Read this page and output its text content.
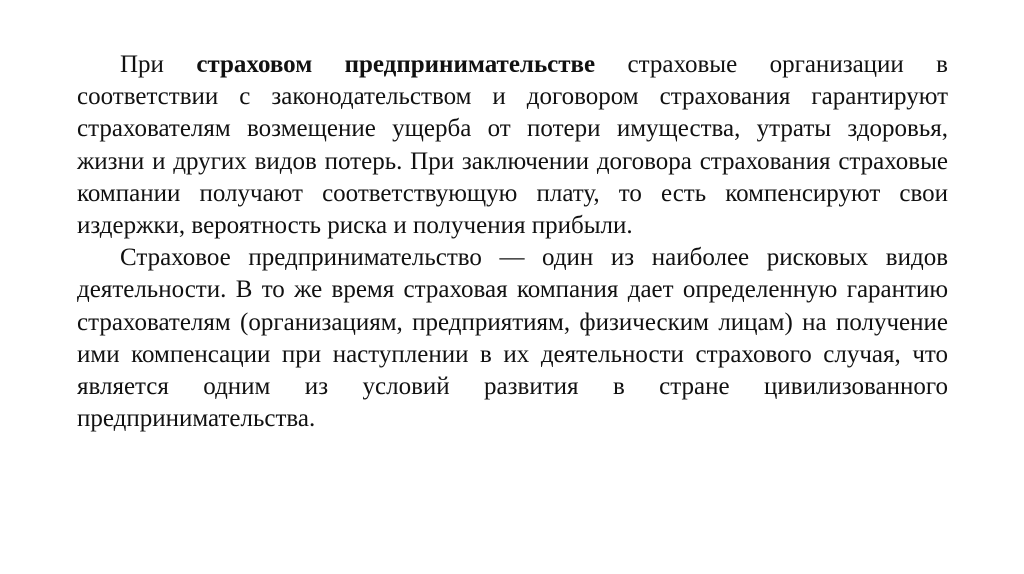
При страховом предпринимательстве страховые организации в соответствии с законодательством и договором страхования гарантируют страхователям возмещение ущерба от потери имущества, утраты здоровья, жизни и других видов потерь. При заключении договора страхования страховые компании получают соответствующую плату, то есть компенсируют свои издержки, вероятность риска и получения прибыли.

Страховое предпринимательство — один из наиболее рисковых видов деятельности. В то же время страховая компания дает определенную гарантию страхователям (организациям, предприятиям, физическим лицам) на получение ими компенсации при наступлении в их деятельности страхового случая, что является одним из условий развития в стране цивилизованного предпринимательства.
